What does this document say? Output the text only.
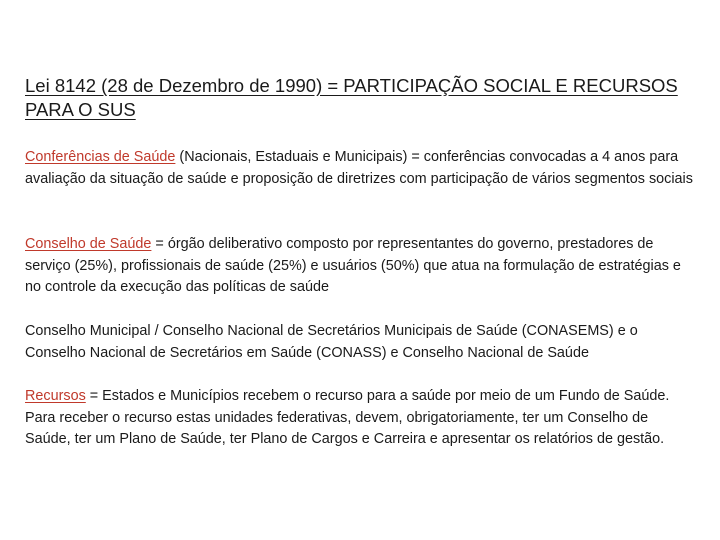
Lei 8142 (28 de Dezembro de 1990) = PARTICIPAÇÃO SOCIAL E RECURSOS PARA O SUS

Conferências de Saúde (Nacionais, Estaduais e Municipais) = conferências convocadas a 4 anos para avaliação da situação de saúde e proposição de diretrizes com participação de vários segmentos sociais

Conselho de Saúde = órgão deliberativo composto por representantes do governo, prestadores de serviço (25%), profissionais de saúde (25%) e usuários (50%) que atua na formulação de estratégias e no controle da execução das políticas de saúde

Conselho Municipal / Conselho Nacional de Secretários Municipais de Saúde (CONASEMS) e o Conselho Nacional de Secretários em Saúde (CONASS) e Conselho Nacional de Saúde

Recursos = Estados e Municípios recebem o recurso para a saúde por meio de um Fundo de Saúde. Para receber o recurso estas unidades federativas, devem, obrigatoriamente, ter um Conselho de Saúde, ter um Plano de Saúde, ter Plano de Cargos e Carreira e apresentar os relatórios de gestão.
